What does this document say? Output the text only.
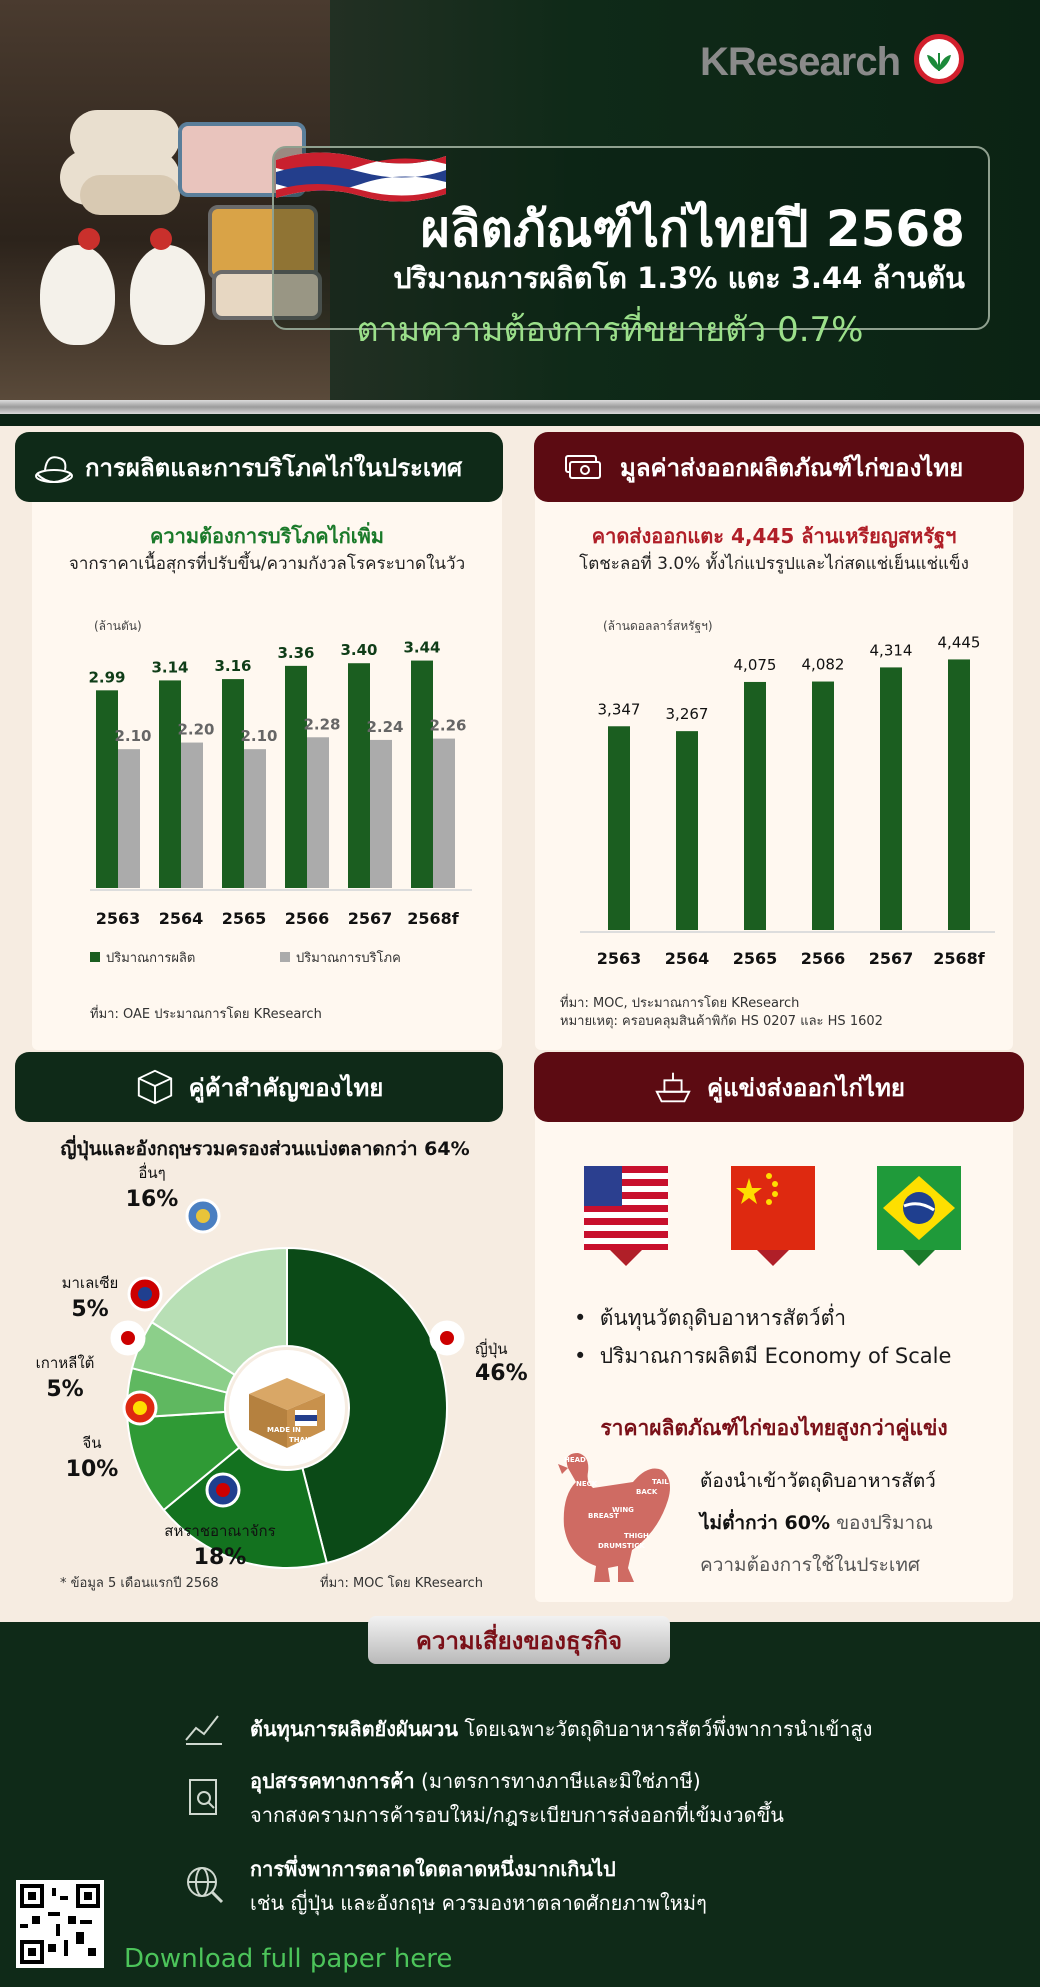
KResearch
ผลิตภัณฑ์ไก่ไทยปี 2568
ปริมาณการผลิตโต 1.3% แตะ 3.44 ล้านตัน
ตามความต้องการที่ขยายตัว 0.7%
การผลิตและการบริโภคไก่ในประเทศ
ความต้องการบริโภคไก่เพิ่ม
จากราคาเนื้อสุกรที่ปรับขึ้น/ความกังวลโรคระบาดในวัว
(ล้านตัน)
2.99
2.10
2563
3.14
2.20
2564
3.16
2.10
2565
3.36
2.28
2566
3.40
2.24
2567
3.44
2.26
2568f
ปริมาณการผลิต	ปริมาณการบริโภค
ที่มา: OAE ประมาณการโดย KResearch
มูลค่าส่งออกผลิตภัณฑ์ไก่ของไทย
คาดส่งออกแตะ 4,445 ล้านเหรียญสหรัฐฯ
โตชะลอที่ 3.0% ทั้งไก่แปรรูปและไก่สดแช่เย็นแช่แข็ง
(ล้านดอลลาร์สหรัฐฯ)
3,347
2563
3,267
2564
4,075
2565
4,082
2566
4,314
2567
4,445
2568f
ที่มา: MOC, ประมาณการโดย KResearch
หมายเหตุ: ครอบคลุมสินค้าพิกัด HS 0207 และ HS 1602
คู่ค้าสำคัญของไทย
ญี่ปุ่นและอังกฤษรวมครองส่วนแบ่งตลาดกว่า 64%
MADE IN
THAILAND
ญี่ปุ่น
46%
สหราชอาณาจักร
18%
จีน
10%
เกาหลีใต้
5%
มาเลเซีย
5%
อื่นๆ
16%
* ข้อมูล 5 เดือนแรกปี 2568	ที่มา: MOC โดย KResearch
คู่แข่งส่งออกไก่ไทย
•  ต้นทุนวัตถุดิบอาหารสัตว์ต่ำ
•  ปริมาณการผลิตมี Economy of Scale
ราคาผลิตภัณฑ์ไก่ของไทยสูงกว่าคู่แข่ง
HEAD
NECK
BACK
BREAST
WING
TAIL
THIGH
DRUMSTICK
ต้องนำเข้าวัตถุดิบอาหารสัตว์
ไม่ต่ำกว่า 60% ของปริมาณ
ความต้องการใช้ในประเทศ
ความเสี่ยงของธุรกิจ
ต้นทุนการผลิตยังผันผวน โดยเฉพาะวัตถุดิบอาหารสัตว์พึ่งพาการนำเข้าสูง
อุปสรรคทางการค้า (มาตรการทางภาษีและมิใช่ภาษี)
จากสงครามการค้ารอบใหม่/กฎระเบียบการส่งออกที่เข้มงวดขึ้น
การพึ่งพาการตลาดใดตลาดหนึ่งมากเกินไป
เช่น ญี่ปุ่น และอังกฤษ ควรมองหาตลาดศักยภาพใหม่ๆ
Download full paper here
